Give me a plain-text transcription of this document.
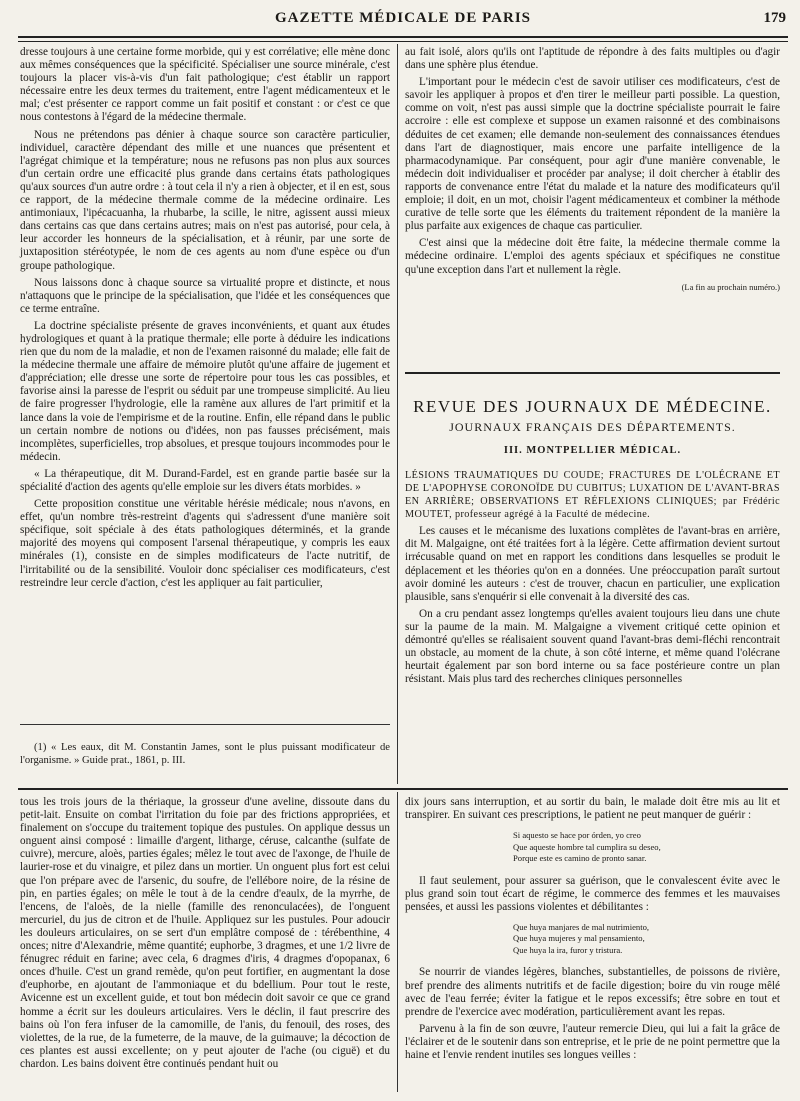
GAZETTE MÉDICALE DE PARIS	179

dresse toujours à une certaine forme morbide, qui y est corrélative; elle mène donc aux mêmes conséquences que la spécificité. Spécialiser une source minérale, c'est toujours la placer vis-à-vis d'un fait pathologique; c'est établir un rapport nécessaire entre les deux termes du traitement, entre l'agent médicamenteux et le mal; c'est présenter ce rapport comme un fait positif et constant : or c'est ce que nous contestons à l'égard de la médecine thermale.

Nous ne prétendons pas dénier à chaque source son caractère particulier, individuel, caractère dépendant des mille et une nuances que présentent et l'agrégat chimique et la température; nous ne refusons pas non plus aux sources d'un certain ordre une efficacité plus grande dans certains états pathologiques qu'aux sources d'un autre ordre : à tout cela il n'y a rien à objecter, et il en est, sous ce rapport, de la médecine thermale comme de la médecine ordinaire. Les antimoniaux, l'ipécacuanha, la rhubarbe, la scille, le nitre, agissent aussi mieux dans certains cas que dans certains autres; mais on n'est pas autorisé, pour cela, à leur accorder les honneurs de la spécialisation, et à réunir, par une sorte de juxtaposition stéréotypée, le nom de ces agents au nom d'une espèce ou d'un groupe pathologique.

Nous laissons donc à chaque source sa virtualité propre et distincte, et nous n'attaquons que le principe de la spécialisation, que l'idée et les conséquences que ce terme entraîne.

La doctrine spécialiste présente de graves inconvénients, et quant aux études hydrologiques et quant à la pratique thermale; elle porte à déduire les indications rien que du nom de la maladie, et non de l'examen raisonné du malade; elle fait de la médecine thermale une affaire de mémoire plutôt qu'une affaire de jugement et d'appréciation; elle dresse une sorte de répertoire pour tous les cas possibles, et favorise ainsi la paresse de l'esprit ou séduit par une trompeuse simplicité. Au lieu de faire progresser l'hydrologie, elle la ramène aux allures de l'art primitif et la lance dans la voie de l'empirisme et de la routine. Enfin, elle répand dans le public un certain nombre de notions ou d'idées, non pas fausses précisément, mais incomplètes, superficielles, trop absolues, et presque toujours incommodes pour le médecin.

« La thérapeutique, dit M. Durand-Fardel, est en grande partie basée sur la spécialité d'action des agents qu'elle emploie sur les divers états morbides. »

Cette proposition constitue une véritable hérésie médicale; nous n'avons, en effet, qu'un nombre très-restreint d'agents qui s'adressent d'une manière soit spécifique, soit spéciale à des états pathologiques déterminés, et la grande majorité des moyens qui composent l'arsenal thérapeutique, y compris les eaux minérales (1), consiste en de simples modificateurs de l'acte nutritif, de l'irritabilité ou de la sensibilité. Vouloir donc spécialiser ces modificateurs, c'est restreindre leur cercle d'action, c'est les appliquer au fait particulier,

(1) « Les eaux, dit M. Constantin James, sont le plus puissant modificateur de l'organisme. » Guide prat., 1861, p. III.

au fait isolé, alors qu'ils ont l'aptitude de répondre à des faits multiples ou d'agir dans une sphère plus étendue.

L'important pour le médecin c'est de savoir utiliser ces modificateurs, c'est de savoir les appliquer à propos et d'en tirer le meilleur parti possible. La question, comme on voit, n'est pas aussi simple que la doctrine spécialiste pourrait le faire accroire : elle est complexe et suppose un examen raisonné et des combinaisons déduites de cet examen; elle demande non-seulement des connaissances étendues dans l'art de diagnostiquer, mais encore une parfaite intelligence de la pharmacodynamique. Par conséquent, pour agir d'une manière convenable, le médecin doit individualiser et procéder par analyse; il doit chercher à établir des rapports de convenance entre l'état du malade et la nature des modificateurs qu'il emploie; il doit, en un mot, choisir l'agent médicamenteux et combiner la méthode curative de telle sorte que les éléments du traitement répondent de la manière la plus parfaite aux exigences de chaque cas particulier.

C'est ainsi que la médecine doit être faite, la médecine thermale comme la médecine ordinaire. L'emploi des agents spéciaux et spécifiques ne constitue qu'une exception dans l'art et nullement la règle.

(La fin au prochain numéro.)

REVUE DES JOURNAUX DE MÉDECINE.
JOURNAUX FRANÇAIS DES DÉPARTEMENTS.
III. MONTPELLIER MÉDICAL.

LÉSIONS TRAUMATIQUES DU COUDE; FRACTURES DE L'OLÉCRANE ET DE L'APOPHYSE CORONOÏDE DU CUBITUS; LUXATION DE L'AVANT-BRAS EN ARRIÈRE; OBSERVATIONS ET RÉFLEXIONS CLINIQUES; par Frédéric MOUTET, professeur agrégé à la Faculté de médecine.

Les causes et le mécanisme des luxations complètes de l'avant-bras en arrière, dit M. Malgaigne, ont été traitées fort à la légère. Cette affirmation devient surtout irrécusable quand on met en rapport les conditions dans lesquelles se produit le déplacement et les théories qu'on en a données. Une préoccupation paraît surtout avoir dominé les auteurs : c'est de trouver, chacun en particulier, une explication plausible, sans s'enquérir si elle convenait à la diversité des cas.

On a cru pendant assez longtemps qu'elles avaient toujours lieu dans une chute sur la paume de la main. M. Malgaigne a vivement critiqué cette opinion et démontré qu'elles se réalisaient souvent quand l'avant-bras demi-fléchi rencontrait un obstacle, au moment de la chute, à son côté interne, et même quand l'olécrane heurtait également par son bord interne ou sa face postérieure contre un plan résistant. Mais plus tard des recherches cliniques personnelles

tous les trois jours de la thériaque, la grosseur d'une aveline, dissoute dans du petit-lait. Ensuite on combat l'irritation du foie par des frictions appropriées, et finalement on s'occupe du traitement topique des pustules. On applique dessus un onguent ainsi composé : limaille d'argent, litharge, céruse, calcanthe (sulfate de cuivre), mercure, aloès, parties égales; mêlez le tout avec de l'axonge, de l'huile de laurier-rose et du vinaigre, et pilez dans un mortier. Un onguent plus fort est celui que l'on prépare avec de l'arsenic, du soufre, de l'ellébore noire, de la résine de pin, en parties égales; on mêle le tout à de la cendre d'eaulx, de la myrrhe, de l'encens, de l'aloès, de la nielle (famille des renonculacées), de l'onguent mercuriel, du jus de citron et de l'huile. Appliquez sur les pustules. Pour adoucir les douleurs articulaires, on se sert d'un emplâtre composé de : térébenthine, 4 onces; nitre d'Alexandrie, même quantité; euphorbe, 3 dragmes, et une 1/2 livre de fénugrec réduit en farine; avec cela, 6 dragmes d'iris, 4 dragmes d'opopanax, 6 onces d'huile. C'est un grand remède, qu'on peut fortifier, en augmentant la dose d'euphorbe, en ajoutant de l'ammoniaque et du bdellium. Pour tout le reste, Avicenne est un excellent guide, et tout bon médecin doit savoir ce que ce grand homme a écrit sur les douleurs articulaires. Vers le déclin, il faut prescrire des bains où l'on fera infuser de la camomille, de l'anis, du fenouil, des roses, des violettes, de la rue, de la fumeterre, de la mauve, de la guimauve; la décoction de ces plantes est aussi excellente; on y peut ajouter de l'ache (ou ciguë) et du chardon. Les bains doivent être continués pendant huit ou

dix jours sans interruption, et au sortir du bain, le malade doit être mis au lit et transpirer. En suivant ces prescriptions, le patient ne peut manquer de guérir :

Si aquesto se hace por órden, yo creo
Que aqueste hombre tal cumplira su deseo,
Porque este es camino de pronto sanar.

Il faut seulement, pour assurer sa guérison, que le convalescent évite avec le plus grand soin tout écart de régime, le commerce des femmes et les mauvaises pensées, et aussi les passions violentes et débilitantes :

Que huya manjares de mal nutrimiento,
Que huya mujeres y mal pensamiento,
Que huya la ira, furor y tristura.

Se nourrir de viandes légères, blanches, substantielles, de poissons de rivière, bref prendre des aliments nutritifs et de facile digestion; boire du vin rouge mêlé avec de l'eau ferrée; éviter la fatigue et le repos excessifs; être sobre en tout et prendre de l'exercice avec modération, particulièrement avant les repas.

Parvenu à la fin de son œuvre, l'auteur remercie Dieu, qui lui a fait la grâce de l'éclairer et de le soutenir dans son entreprise, et le prie de ne point permettre que la haine et l'envie rendent inutiles ses longues veilles :
